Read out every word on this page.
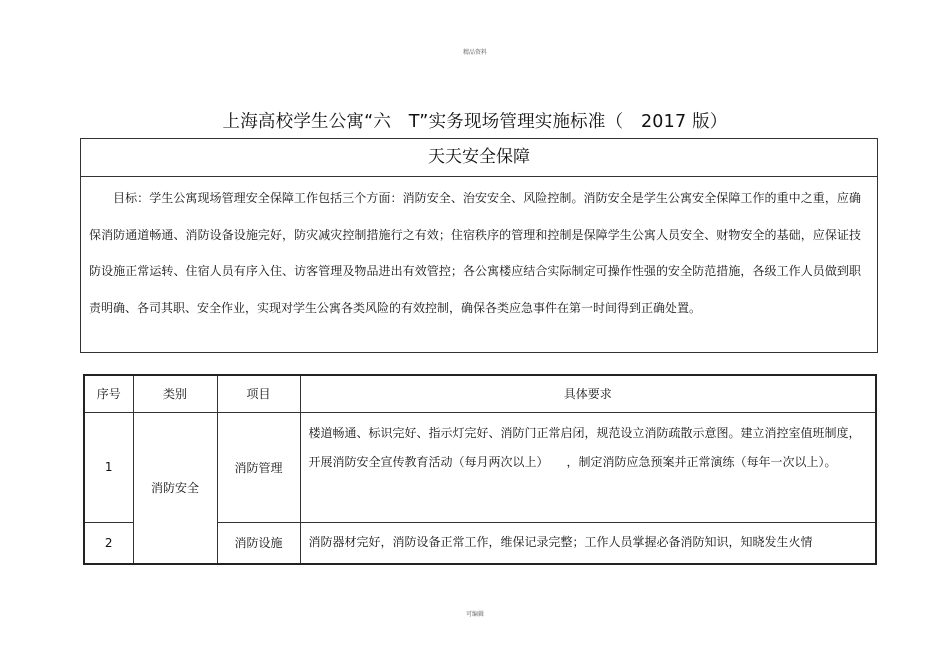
精品资料
上海高校学生公寓“六　T”实务现场管理实施标准（　2017 版）
天天安全保障
目标：学生公寓现场管理安全保障工作包括三个方面：消防安全、治安安全、风险控制。消防安全是学生公寓安全保障工作的重中之重，应确保消防通道畅通、消防设备设施完好，防灾减灾控制措施行之有效；住宿秩序的管理和控制是保障学生公寓人员安全、财物安全的基础，应保证技防设施正常运转、住宿人员有序入住、访客管理及物品进出有效管控；各公寓楼应结合实际制定可操作性强的安全防范措施，各级工作人员做到职责明确、各司其职、安全作业，实现对学生公寓各类风险的有效控制，确保各类应急事件在第一时间得到正确处置。
序号	类别	项目	具体要求
1	消防安全	消防管理	楼道畅通、标识完好、指示灯完好、消防门正常启闭，规范设立消防疏散示意图。建立消控室值班制度，开展消防安全宣传教育活动（每月两次以上）　　，制定消防应急预案并正常演练（每年一次以上）。
2		消防设施	消防器材完好，消防设备正常工作，维保记录完整；工作人员掌握必备消防知识，知晓发生火情
可编辑
